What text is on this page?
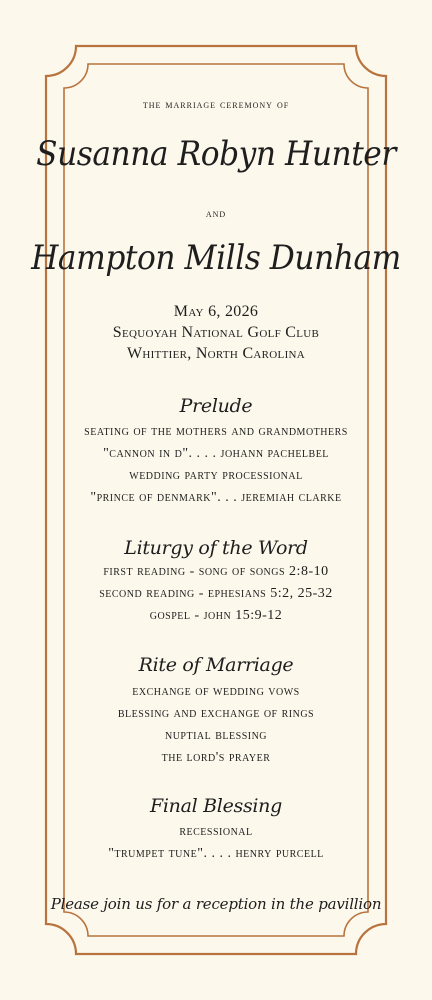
the marriage ceremony of
Susanna Robyn Hunter
and
Hampton Mills Dunham
May 6, 2026
Sequoyah National Golf Club
Whittier, North Carolina
Prelude
seating of the mothers and grandmothers
"cannon in d". . . . johann pachelbel
wedding party processional
"prince of denmark". . . jeremiah clarke
Liturgy of the Word
first reading - song of songs 2:8-10
second reading - ephesians 5:2, 25-32
gospel - john 15:9-12
Rite of Marriage
exchange of wedding vows
blessing and exchange of rings
nuptial blessing
the lord's prayer
Final Blessing
recessional
"trumpet tune". . . . henry purcell
Please join us for a reception in the pavillion
